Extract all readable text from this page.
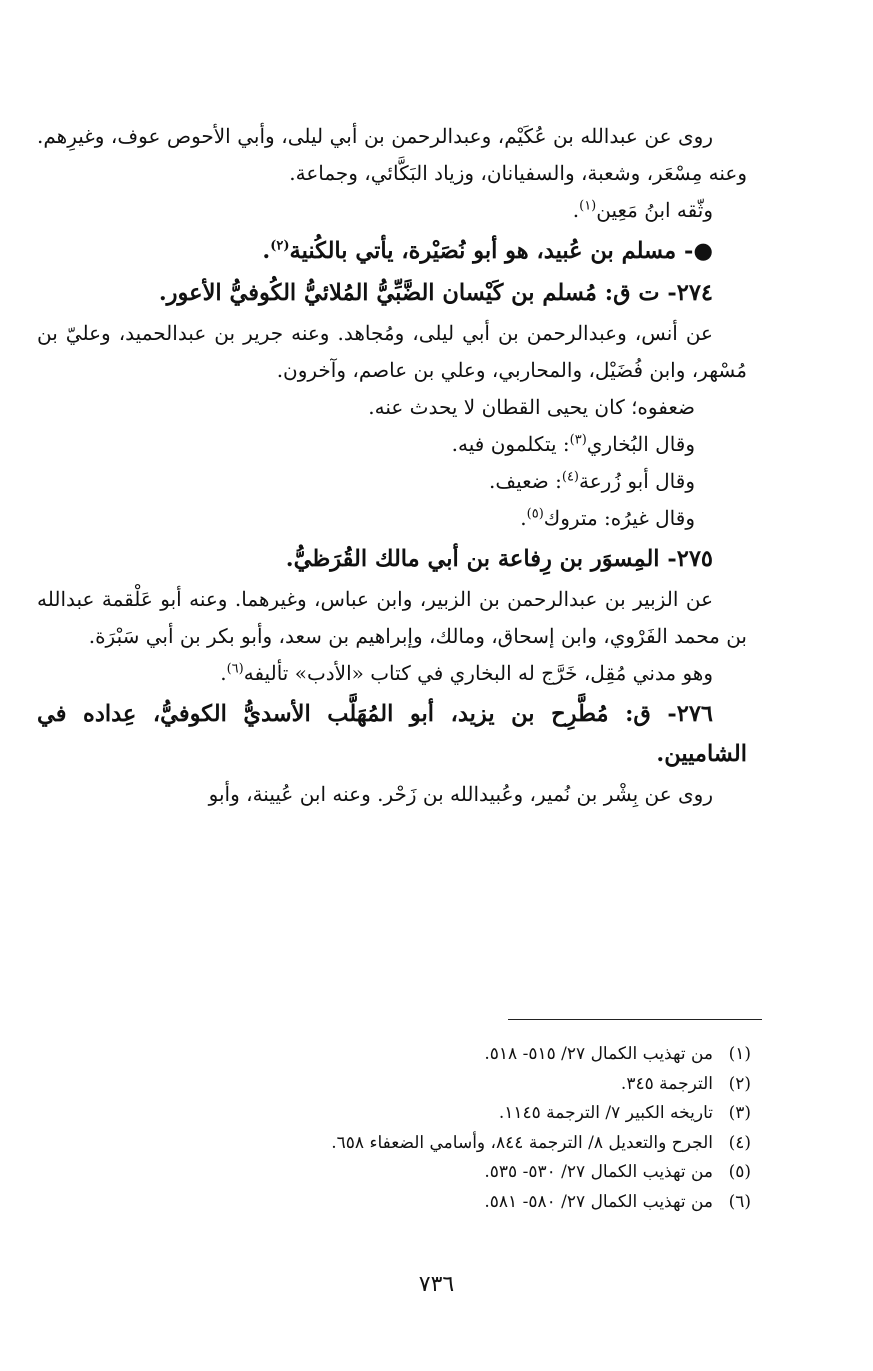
روى عن عبدالله بن عُكَيْم، وعبدالرحمن بن أبي ليلى، وأبي الأحوص عوف، وغيرِهم. وعنه مِسْعَر، وشعبة، والسفيانان، وزياد البَكَّائي، وجماعة.

وثّقه ابنُ مَعِين$^{(١)}$.

●- مسلم بن عُبيد، هو أبو نُصَيْرة، يأتي بالكُنية$^{(٢)}$.

٢٧٤- ت ق: مُسلم بن كَيْسان الضَّبِّيُّ المُلائيُّ الكُوفيُّ الأعور.

عن أنس، وعبدالرحمن بن أبي ليلى، ومُجاهد. وعنه جرير بن عبدالحميد، وعليّ بن مُسْهر، وابن فُضَيْل، والمحاربي، وعلي بن عاصم، وآخرون.

ضعفوه؛ كان يحيى القطان لا يحدث عنه.

وقال البُخاري$^{(٣)}$: يتكلمون فيه.

وقال أبو زُرعة$^{(٤)}$: ضعيف.

وقال غيرُه: متروك$^{(٥)}$.

٢٧٥- المِسوَر بن رِفاعة بن أبي مالك القُرَظيُّ.

عن الزبير بن عبدالرحمن بن الزبير، وابن عباس، وغيرهما. وعنه أبو عَلْقمة عبدالله بن محمد الفَرْوي، وابن إسحاق، ومالك، وإبراهيم بن سعد، وأبو بكر بن أبي سَبْرَة.

وهو مدني مُقِل، خَرَّج له البخاري في كتاب «الأدب» تأليفه$^{(٦)}$.

٢٧٦- ق: مُطَّرِح بن يزيد، أبو المُهَلَّب الأسديُّ الكوفيُّ، عِداده في الشاميين.

روى عن بِشْر بن نُمير، وعُبيدالله بن زَحْر. وعنه ابن عُيينة، وأبو

(١)
من تهذيب الكمال ٢٧/ ٥١٥- ٥١٨.
(٢)
الترجمة ٣٤٥.
(٣)
تاريخه الكبير ٧/ الترجمة ١١٤٥.
(٤)
الجرح والتعديل ٨/ الترجمة ٨٤٤، وأسامي الضعفاء ٦٥٨.
(٥)
من تهذيب الكمال ٢٧/ ٥٣٠- ٥٣٥.
(٦)
من تهذيب الكمال ٢٧/ ٥٨٠- ٥٨١.
٧٣٦
